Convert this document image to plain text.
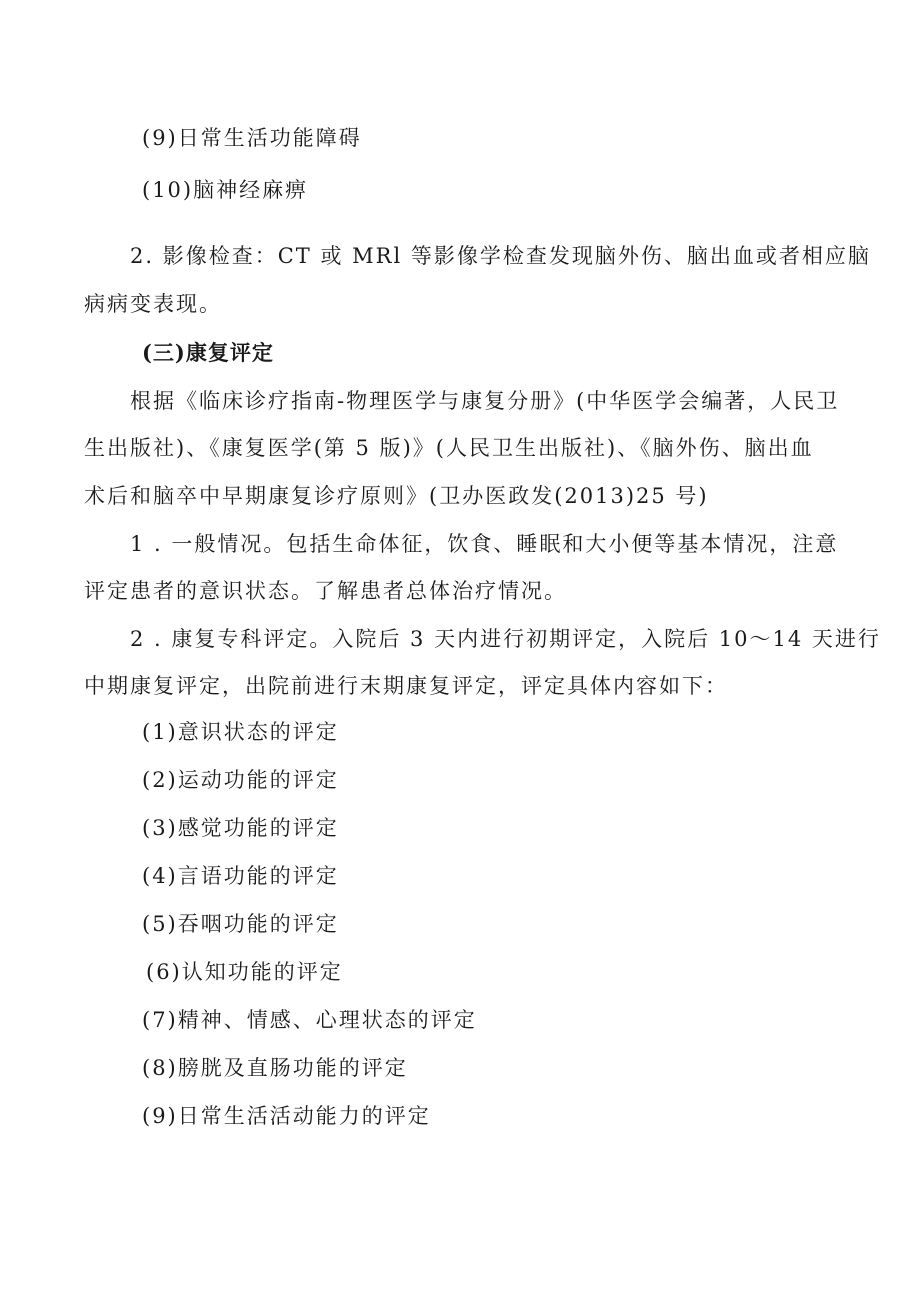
(9)日常生活功能障碍
(10)脑神经麻痹
2. 影像检查：CT 或 MRl 等影像学检查发现脑外伤、脑出血或者相应脑
病病变表现。
(三)康复评定
根据《临床诊疗指南-物理医学与康复分册》(中华医学会编著，人民卫
生出版社)、《康复医学(第 5 版)》(人民卫生出版社)、《脑外伤、脑出血
术后和脑卒中早期康复诊疗原则》(卫办医政发(2013)25 号)
1 . 一般情况。包括生命体征，饮食、睡眠和大小便等基本情况，注意
评定患者的意识状态。了解患者总体治疗情况。
2 . 康复专科评定。入院后 3 天内进行初期评定，入院后 10～14 天进行
中期康复评定，出院前进行末期康复评定，评定具体内容如下：
(1)意识状态的评定
(2)运动功能的评定
(3)感觉功能的评定
(4)言语功能的评定
(5)吞咽功能的评定
(6)认知功能的评定
(7)精神、情感、心理状态的评定
(8)膀胱及直肠功能的评定
(9)日常生活活动能力的评定
